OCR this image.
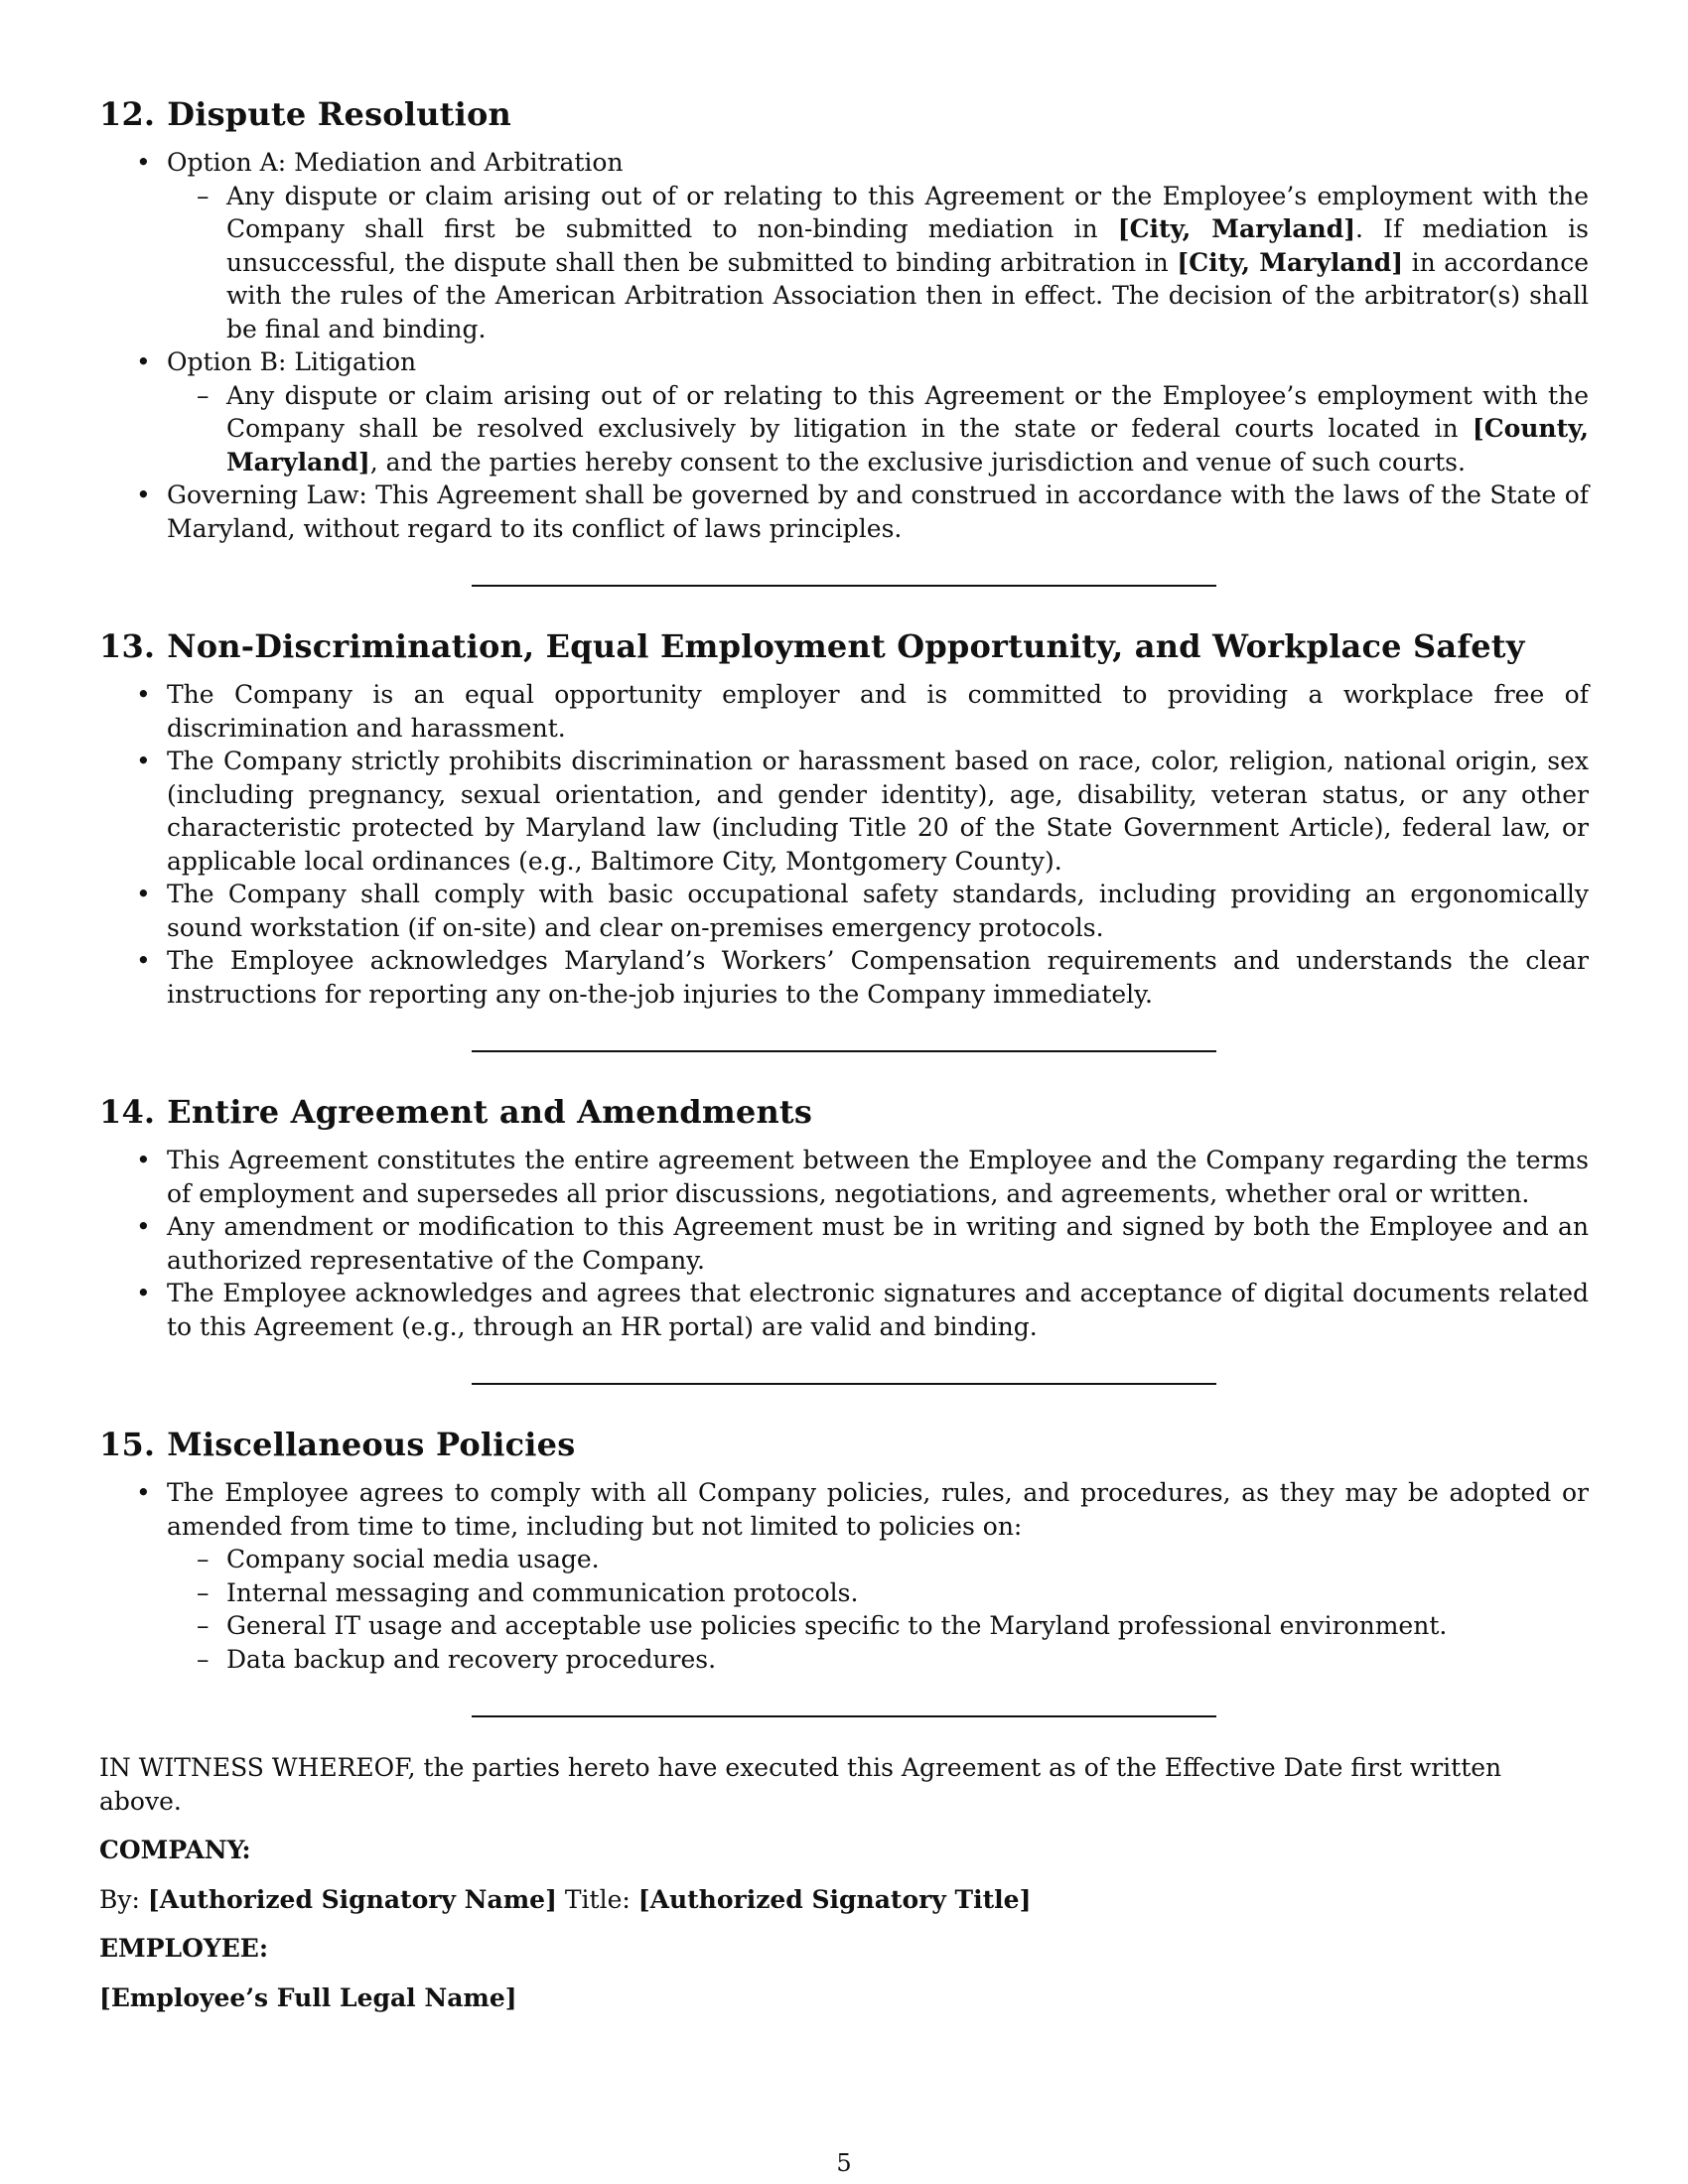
12. Dispute Resolution
• Option A: Mediation and Arbitration
– Any dispute or claim arising out of or relating to this Agreement or the Employee’s employment with the Company shall first be submitted to non-binding mediation in [City, Maryland]. If mediation is unsuccessful, the dispute shall then be submitted to binding arbitration in [City, Maryland] in accordance with the rules of the American Arbitration Association then in effect. The decision of the arbitrator(s) shall be final and binding.
• Option B: Litigation
– Any dispute or claim arising out of or relating to this Agreement or the Employee’s employment with the Company shall be resolved exclusively by litigation in the state or federal courts located in [County, Maryland], and the parties hereby consent to the exclusive jurisdiction and venue of such courts.
• Governing Law: This Agreement shall be governed by and construed in accordance with the laws of the State of Maryland, without regard to its conflict of laws principles.
13. Non-Discrimination, Equal Employment Opportunity, and Workplace Safety
• The Company is an equal opportunity employer and is committed to providing a workplace free of discrimination and harassment.
• The Company strictly prohibits discrimination or harassment based on race, color, religion, national origin, sex (including pregnancy, sexual orientation, and gender identity), age, disability, veteran status, or any other characteristic protected by Maryland law (including Title 20 of the State Government Article), federal law, or applicable local ordinances (e.g., Baltimore City, Montgomery County).
• The Company shall comply with basic occupational safety standards, including providing an ergonomically sound workstation (if on-site) and clear on-premises emergency protocols.
• The Employee acknowledges Maryland’s Workers’ Compensation requirements and understands the clear instructions for reporting any on-the-job injuries to the Company immediately.
14. Entire Agreement and Amendments
• This Agreement constitutes the entire agreement between the Employee and the Company regarding the terms of employment and supersedes all prior discussions, negotiations, and agreements, whether oral or written.
• Any amendment or modification to this Agreement must be in writing and signed by both the Employee and an authorized representative of the Company.
• The Employee acknowledges and agrees that electronic signatures and acceptance of digital documents related to this Agreement (e.g., through an HR portal) are valid and binding.
15. Miscellaneous Policies
• The Employee agrees to comply with all Company policies, rules, and procedures, as they may be adopted or amended from time to time, including but not limited to policies on:
– Company social media usage.
– Internal messaging and communication protocols.
– General IT usage and acceptable use policies specific to the Maryland professional environment.
– Data backup and recovery procedures.

IN WITNESS WHEREOF, the parties hereto have executed this Agreement as of the Effective Date first written above.

COMPANY:

By: [Authorized Signatory Name] Title: [Authorized Signatory Title]

EMPLOYEE:

[Employee’s Full Legal Name]

5
